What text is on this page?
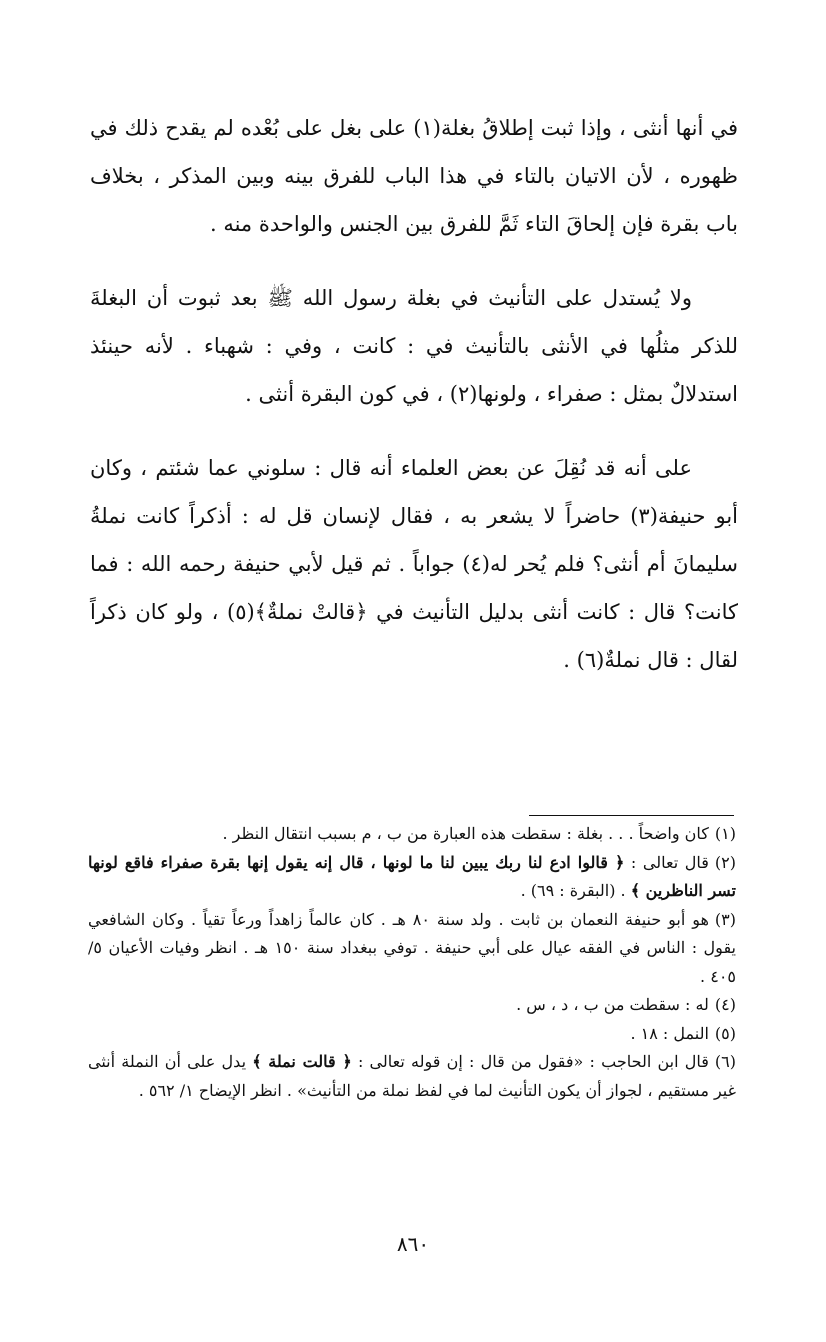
في أنها أنثى ، وإذا ثبت إطلاقُ بغلة(١) على بغل على بُعْده لم يقدح ذلك في ظهوره ، لأن الاتيان بالتاء في هذا الباب للفرق بينه وبين المذكر ، بخلاف باب بقرة فإن إلحاقَ التاء ثَمَّ للفرق بين الجنس والواحدة منه .

ولا يُستدل على التأنيث في بغلة رسول الله ﷺ بعد ثبوت أن البغلةَ للذكر مثلُها في الأنثى بالتأنيث في : كانت ، وفي : شهباء . لأنه حينئذ استدلالٌ بمثل : صفراء ، ولونها(٢) ، في كون البقرة أنثى .

على أنه قد نُقِلَ عن بعض العلماء أنه قال : سلوني عما شئتم ، وكان أبو حنيفة(٣) حاضراً لا يشعر به ، فقال لإنسان قل له : أذكراً كانت نملةُ سليمانَ أم أنثى؟ فلم يُحر له(٤) جواباً . ثم قيل لأبي حنيفة رحمه الله : فما كانت؟ قال : كانت أنثى بدليل التأنيث في ﴿قالتْ نملةٌ﴾(٥) ، ولو كان ذكراً لقال : قال نملةٌ(٦) .

(١)كان واضحاً . . . بغلة : سقطت هذه العبارة من ب ، م بسبب انتقال النظر .

(٢)قال تعالى : ﴿ قالوا ادع لنا ربك يبين لنا ما لونها ، قال إنه يقول إنها بقرة صفراء فاقع لونها تسر الناظرين ﴾ . (البقرة : ٦٩) .

(٣)هو أبو حنيفة النعمان بن ثابت . ولد سنة ٨٠ هـ . كان عالماً زاهداً ورعاً تقياً . وكان الشافعي يقول : الناس في الفقه عيال على أبي حنيفة . توفي ببغداد سنة ١٥٠ هـ . انظر وفيات الأعيان ٥/ ٤٠٥ .

(٤)له : سقطت من ب ، د ، س .

(٥)النمل : ١٨ .

(٦)قال ابن الحاجب : «فقول من قال : إن قوله تعالى : ﴿ قالت نملة ﴾ يدل على أن النملة أنثى غير مستقيم ، لجواز أن يكون التأنيث لما في لفظ نملة من التأنيث» . انظر الإيضاح ١/ ٥٦٢ .

٨٦٠
